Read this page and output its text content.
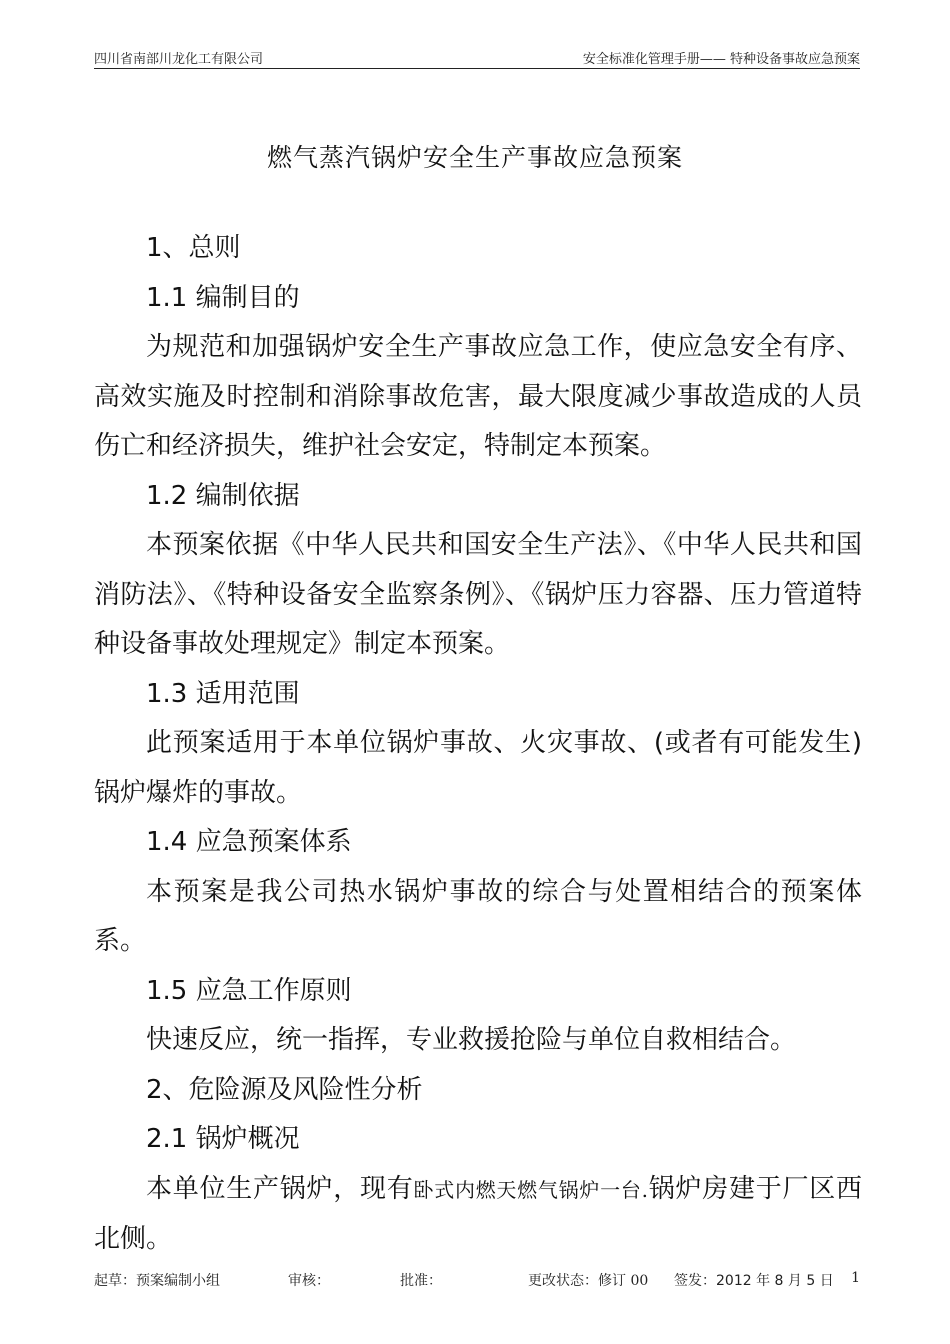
四川省南部川龙化工有限公司	安全标准化管理手册—— 特种设备事故应急预案
燃气蒸汽锅炉安全生产事故应急预案

1、总则

1.1 编制目的

为规范和加强锅炉安全生产事故应急工作，使应急安全有序、高效实施及时控制和消除事故危害，最大限度减少事故造成的人员伤亡和经济损失，维护社会安定，特制定本预案。

1.2 编制依据

本预案依据《中华人民共和国安全生产法》、《中华人民共和国消防法》、《特种设备安全监察条例》、《锅炉压力容器、压力管道特种设备事故处理规定》制定本预案。

1.3 适用范围

此预案适用于本单位锅炉事故、火灾事故、(或者有可能发生)锅炉爆炸的事故。

1.4 应急预案体系

本预案是我公司热水锅炉事故的综合与处置相结合的预案体系。

1.5 应急工作原则

快速反应，统一指挥，专业救援抢险与单位自救相结合。

2、危险源及风险性分析

2.1 锅炉概况

本单位生产锅炉，现有卧式内燃天燃气锅炉一台.锅炉房建于厂区西北侧。

起草：预案编制小组	审核：	批准：	更改状态：修订 00 签发：2012 年 8 月 5 日 1
